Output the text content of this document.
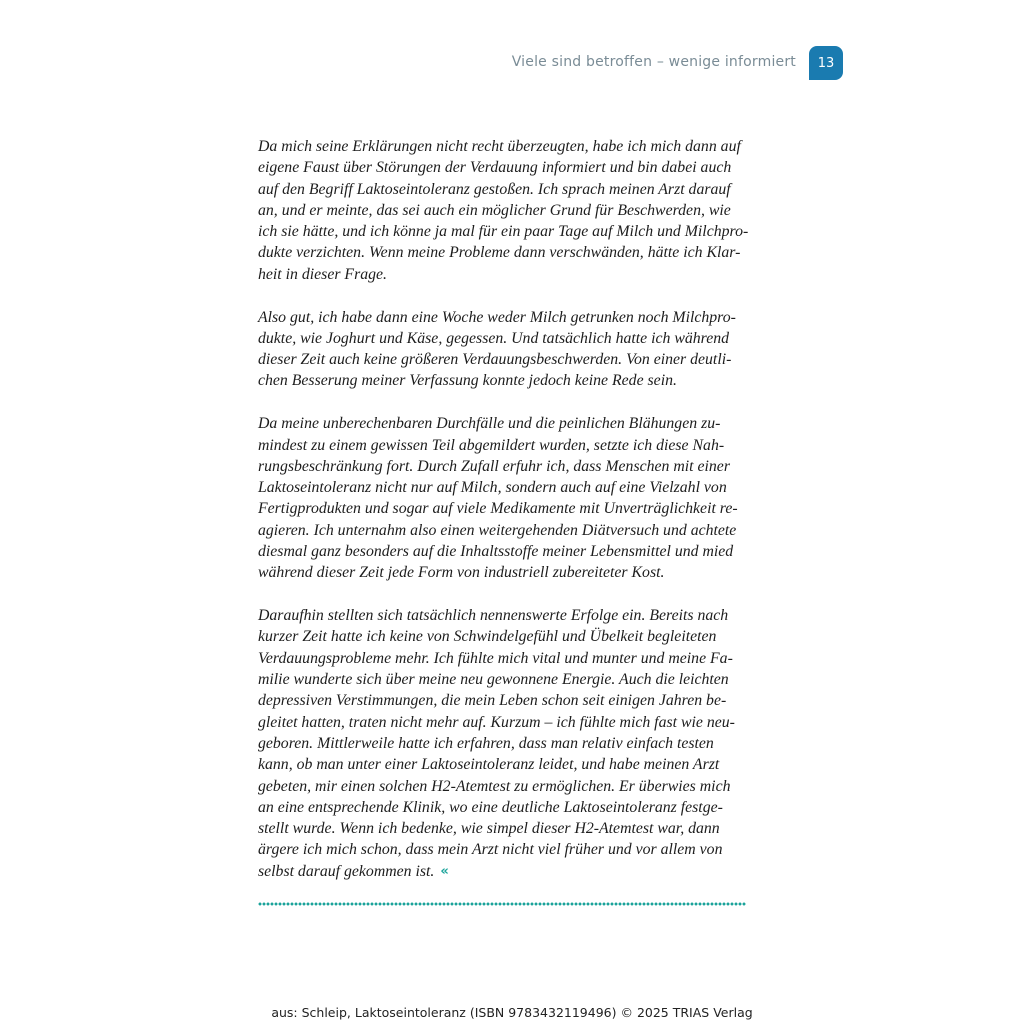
Viele sind betroffen – wenige informiert 13

Da mich seine Erklärungen nicht recht überzeugten, habe ich mich dann auf
eigene Faust über Störungen der Verdauung informiert und bin dabei auch
auf den Begriff Laktoseintoleranz gestoßen. Ich sprach meinen Arzt darauf
an, und er meinte, das sei auch ein möglicher Grund für Beschwerden, wie
ich sie hätte, und ich könne ja mal für ein paar Tage auf Milch und Milchpro-
dukte verzichten. Wenn meine Probleme dann verschwänden, hätte ich Klar-
heit in dieser Frage.

Also gut, ich habe dann eine Woche weder Milch getrunken noch Milchpro-
dukte, wie Joghurt und Käse, gegessen. Und tatsächlich hatte ich während
dieser Zeit auch keine größeren Verdauungsbeschwerden. Von einer deutli-
chen Besserung meiner Verfassung konnte jedoch keine Rede sein.

Da meine unberechenbaren Durchfälle und die peinlichen Blähungen zu-
mindest zu einem gewissen Teil abgemildert wurden, setzte ich diese Nah-
rungsbeschränkung fort. Durch Zufall erfuhr ich, dass Menschen mit einer
Laktoseintoleranz nicht nur auf Milch, sondern auch auf eine Vielzahl von
Fertigprodukten und sogar auf viele Medikamente mit Unverträglichkeit re-
agieren. Ich unternahm also einen weitergehenden Diätversuch und achtete
diesmal ganz besonders auf die Inhaltsstoffe meiner Lebensmittel und mied
während dieser Zeit jede Form von industriell zubereiteter Kost.

Daraufhin stellten sich tatsächlich nennenswerte Erfolge ein. Bereits nach
kurzer Zeit hatte ich keine von Schwindelgefühl und Übelkeit begleiteten
Verdauungsprobleme mehr. Ich fühlte mich vital und munter und meine Fa-
milie wunderte sich über meine neu gewonnene Energie. Auch die leichten
depressiven Verstimmungen, die mein Leben schon seit einigen Jahren be-
gleitet hatten, traten nicht mehr auf. Kurzum – ich fühlte mich fast wie neu-
geboren. Mittlerweile hatte ich erfahren, dass man relativ einfach testen
kann, ob man unter einer Laktoseintoleranz leidet, und habe meinen Arzt
gebeten, mir einen solchen H2-Atemtest zu ermöglichen. Er überwies mich
an eine entsprechende Klinik, wo eine deutliche Laktoseintoleranz festge-
stellt wurde. Wenn ich bedenke, wie simpel dieser H2-Atemtest war, dann
ärgere ich mich schon, dass mein Arzt nicht viel früher und vor allem von
selbst darauf gekommen ist. «

aus: Schleip, Laktoseintoleranz (ISBN 9783432119496) © 2025 TRIAS Verlag
